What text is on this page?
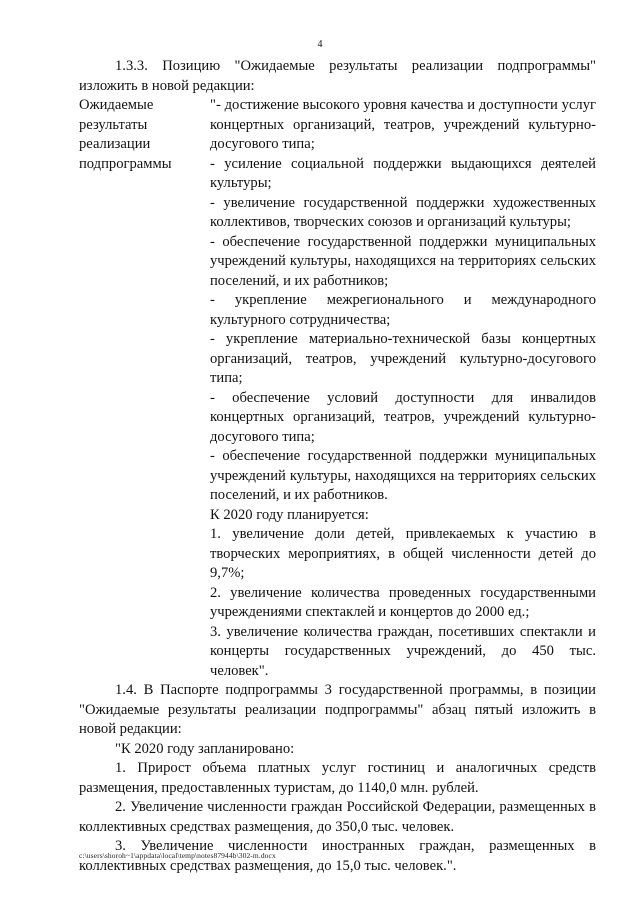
4

1.3.3. Позицию "Ожидаемые результаты реализации подпрограммы" изложить в новой редакции:

Ожидаемые
результаты
реализации
подпрограммы

"- достижение высокого уровня качества и доступности услуг концертных организаций, театров, учреждений культурно-досугового типа;

- усиление социальной поддержки выдающихся деятелей культуры;

- увеличение государственной поддержки художественных коллективов, творческих союзов и организаций культуры;

- обеспечение государственной поддержки муниципальных учреждений культуры, находящихся на территориях сельских поселений, и их работников;

- укрепление межрегионального и международного культурного сотрудничества;

- укрепление материально-технической базы концертных организаций, театров, учреждений культурно-досугового типа;

- обеспечение условий доступности для инвалидов концертных организаций, театров, учреждений культурно-досугового типа;

- обеспечение государственной поддержки муниципальных учреждений культуры, находящихся на территориях сельских поселений, и их работников.

К 2020 году планируется:

1. увеличение доли детей, привлекаемых к участию в творческих мероприятиях, в общей численности детей до 9,7%;

2. увеличение количества проведенных государственными учреждениями спектаклей и концертов до 2000 ед.;

3. увеличение количества граждан, посетивших спектакли и концерты государственных учреждений, до 450 тыс. человек".

1.4. В Паспорте подпрограммы 3 государственной программы, в позиции "Ожидаемые результаты реализации подпрограммы" абзац пятый изложить в новой редакции:

"К 2020 году запланировано:

1. Прирост объема платных услуг гостиниц и аналогичных средств размещения, предоставленных туристам, до 1140,0 млн. рублей.

2. Увеличение численности граждан Российской Федерации, размещенных в коллективных средствах размещения, до 350,0 тыс. человек.

3. Увеличение численности иностранных граждан, размещенных в коллективных средствах размещения, до 15,0 тыс. человек.".

c:\users\shoroh~1\appdata\local\temp\notes87944b\302-m.docx
